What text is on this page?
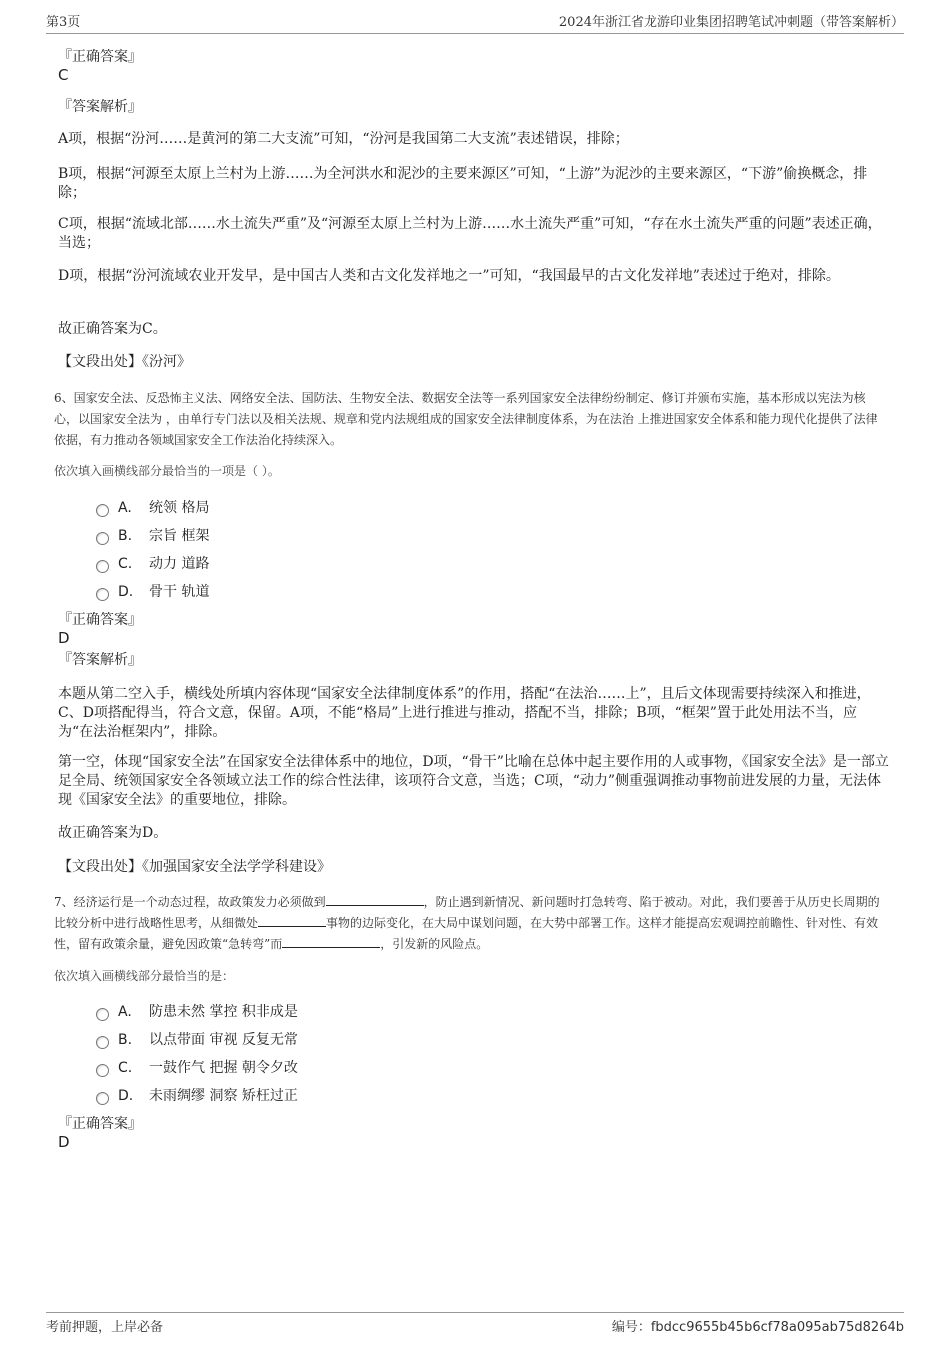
第3页	2024年浙江省龙游印业集团招聘笔试冲刺题（带答案解析）
『正确答案』
C
『答案解析』
A项，根据“汾河……是黄河的第二大支流”可知，“汾河是我国第二大支流”表述错误，排除；
B项，根据“河源至太原上兰村为上游……为全河洪水和泥沙的主要来源区”可知，“上游”为泥沙的主要来源区，“下游”偷换概念，排除；
C项，根据“流域北部……水土流失严重”及“河源至太原上兰村为上游……水土流失严重”可知，“存在水土流失严重的问题”表述正确，当选；
D项，根据“汾河流域农业开发早，是中国古人类和古文化发祥地之一”可知，“我国最早的古文化发祥地”表述过于绝对，排除。
故正确答案为C。
【文段出处】《汾河》
6、国家安全法、反恐怖主义法、网络安全法、国防法、生物安全法、数据安全法等一系列国家安全法律纷纷制定、修订并颁布实施，基本形成以宪法为核心，以国家安全法为 ，由单行专门法以及相关法规、规章和党内法规组成的国家安全法律制度体系，为在法治 上推进国家安全体系和能力现代化提供了法律依据，有力推动各领域国家安全工作法治化持续深入。
依次填入画横线部分最恰当的一项是（ ）。
A.	统领 格局
B.	宗旨 框架
C.	动力 道路
D.	骨干 轨道
『正确答案』
D
『答案解析』
本题从第二空入手，横线处所填内容体现“国家安全法律制度体系”的作用，搭配“在法治……上”，且后文体现需要持续深入和推进，C、D项搭配得当，符合文意，保留。A项，不能“格局”上进行推进与推动，搭配不当，排除；B项，“框架”置于此处用法不当，应为“在法治框架内”，排除。
第一空，体现“国家安全法”在国家安全法律体系中的地位，D项，“骨干”比喻在总体中起主要作用的人或事物，《国家安全法》是一部立足全局、统领国家安全各领域立法工作的综合性法律，该项符合文意，当选；C项，“动力”侧重强调推动事物前进发展的力量，无法体现《国家安全法》的重要地位，排除。
故正确答案为D。
【文段出处】《加强国家安全法学学科建设》
7、经济运行是一个动态过程，故政策发力必须做到	，防止遇到新情况、新问题时打急转弯、陷于被动。对此，我们要善于从历史长周期的比较分析中进行战略性思考，从细微处	事物的边际变化，在大局中谋划问题，在大势中部署工作。这样才能提高宏观调控前瞻性、针对性、有效性，留有政策余量，避免因政策“急转弯”而	，引发新的风险点。
依次填入画横线部分最恰当的是：
A.	防患未然 掌控 积非成是
B.	以点带面 审视 反复无常
C.	一鼓作气 把握 朝令夕改
D.	未雨绸缪 洞察 矫枉过正
『正确答案』
D
考前押题，上岸必备	编号：fbdcc9655b45b6cf78a095ab75d8264b
